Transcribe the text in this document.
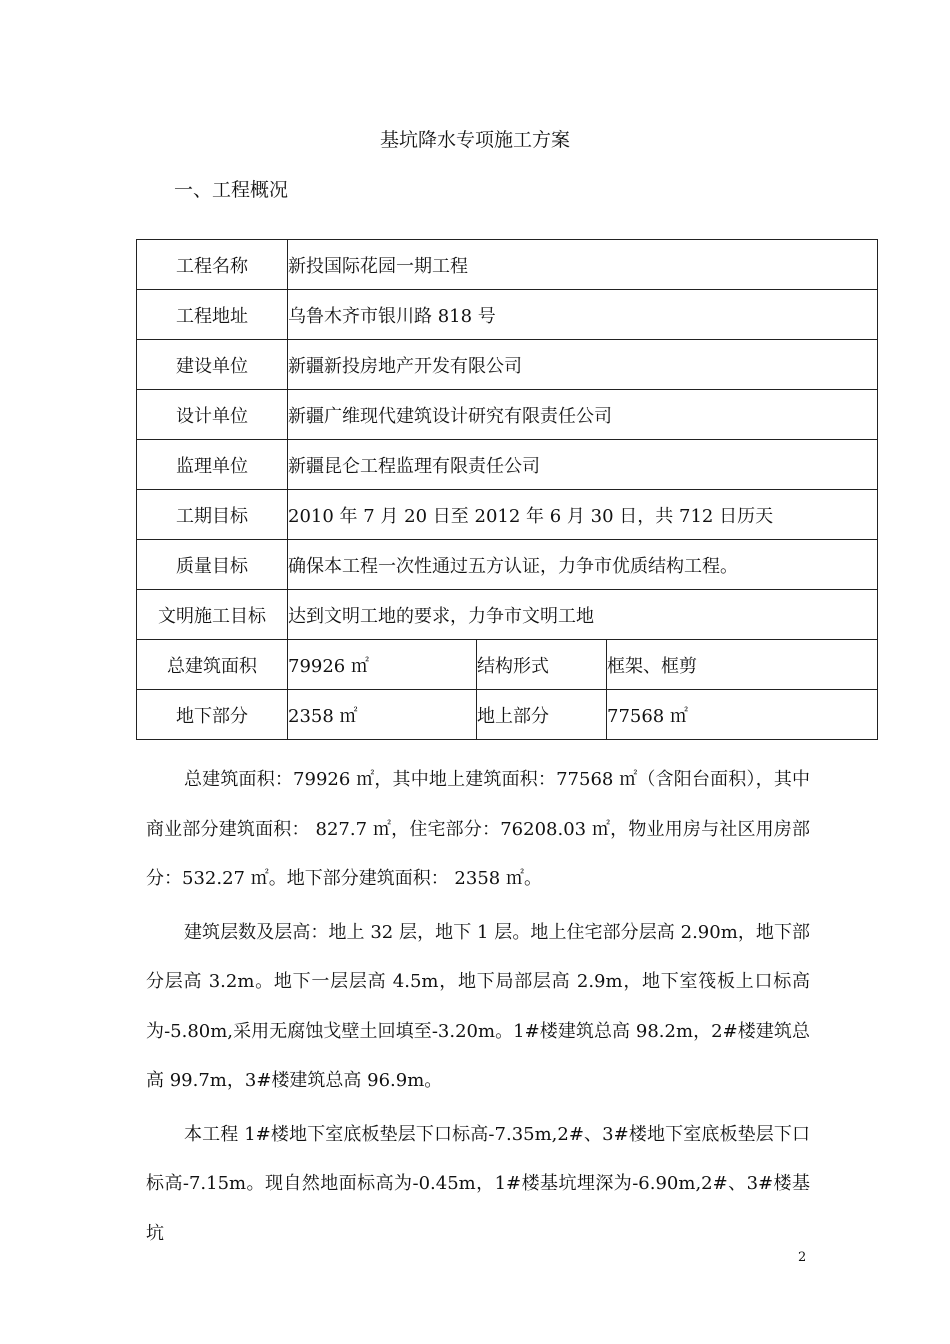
基坑降水专项施工方案
一、工程概况
工程名称	新投国际花园一期工程		
工程地址	乌鲁木齐市银川路 818 号		
建设单位	新疆新投房地产开发有限公司		
设计单位	新疆广维现代建筑设计研究有限责任公司		
监理单位	新疆昆仑工程监理有限责任公司		
工期目标	2010 年 7 月 20 日至 2012 年 6 月 30 日，共 712 日历天		
质量目标	确保本工程一次性通过五方认证，力争市优质结构工程。		
文明施工目标	达到文明工地的要求，力争市文明工地		
总建筑面积	79926 ㎡	结构形式	框架、框剪
地下部分	2358 ㎡	地上部分	77568 ㎡

总建筑面积：79926 ㎡，其中地上建筑面积：77568 ㎡（含阳台面积），其中商业部分建筑面积： 827.7 ㎡，住宅部分：76208.03 ㎡，物业用房与社区用房部分：532.27 ㎡。地下部分建筑面积： 2358 ㎡。

建筑层数及层高：地上 32 层，地下 1 层。地上住宅部分层高 2.90m，地下部分层高 3.2m。地下一层层高 4.5m，地下局部层高 2.9m，地下室筏板上口标高为-5.80m,采用无腐蚀戈壁土回填至-3.20m。1#楼建筑总高 98.2m，2#楼建筑总高 99.7m，3#楼建筑总高 96.9m。

本工程 1#楼地下室底板垫层下口标高-7.35m,2#、3#楼地下室底板垫层下口标高-7.15m。现自然地面标高为-0.45m，1#楼基坑埋深为-6.90m,2#、3#楼基坑

2
